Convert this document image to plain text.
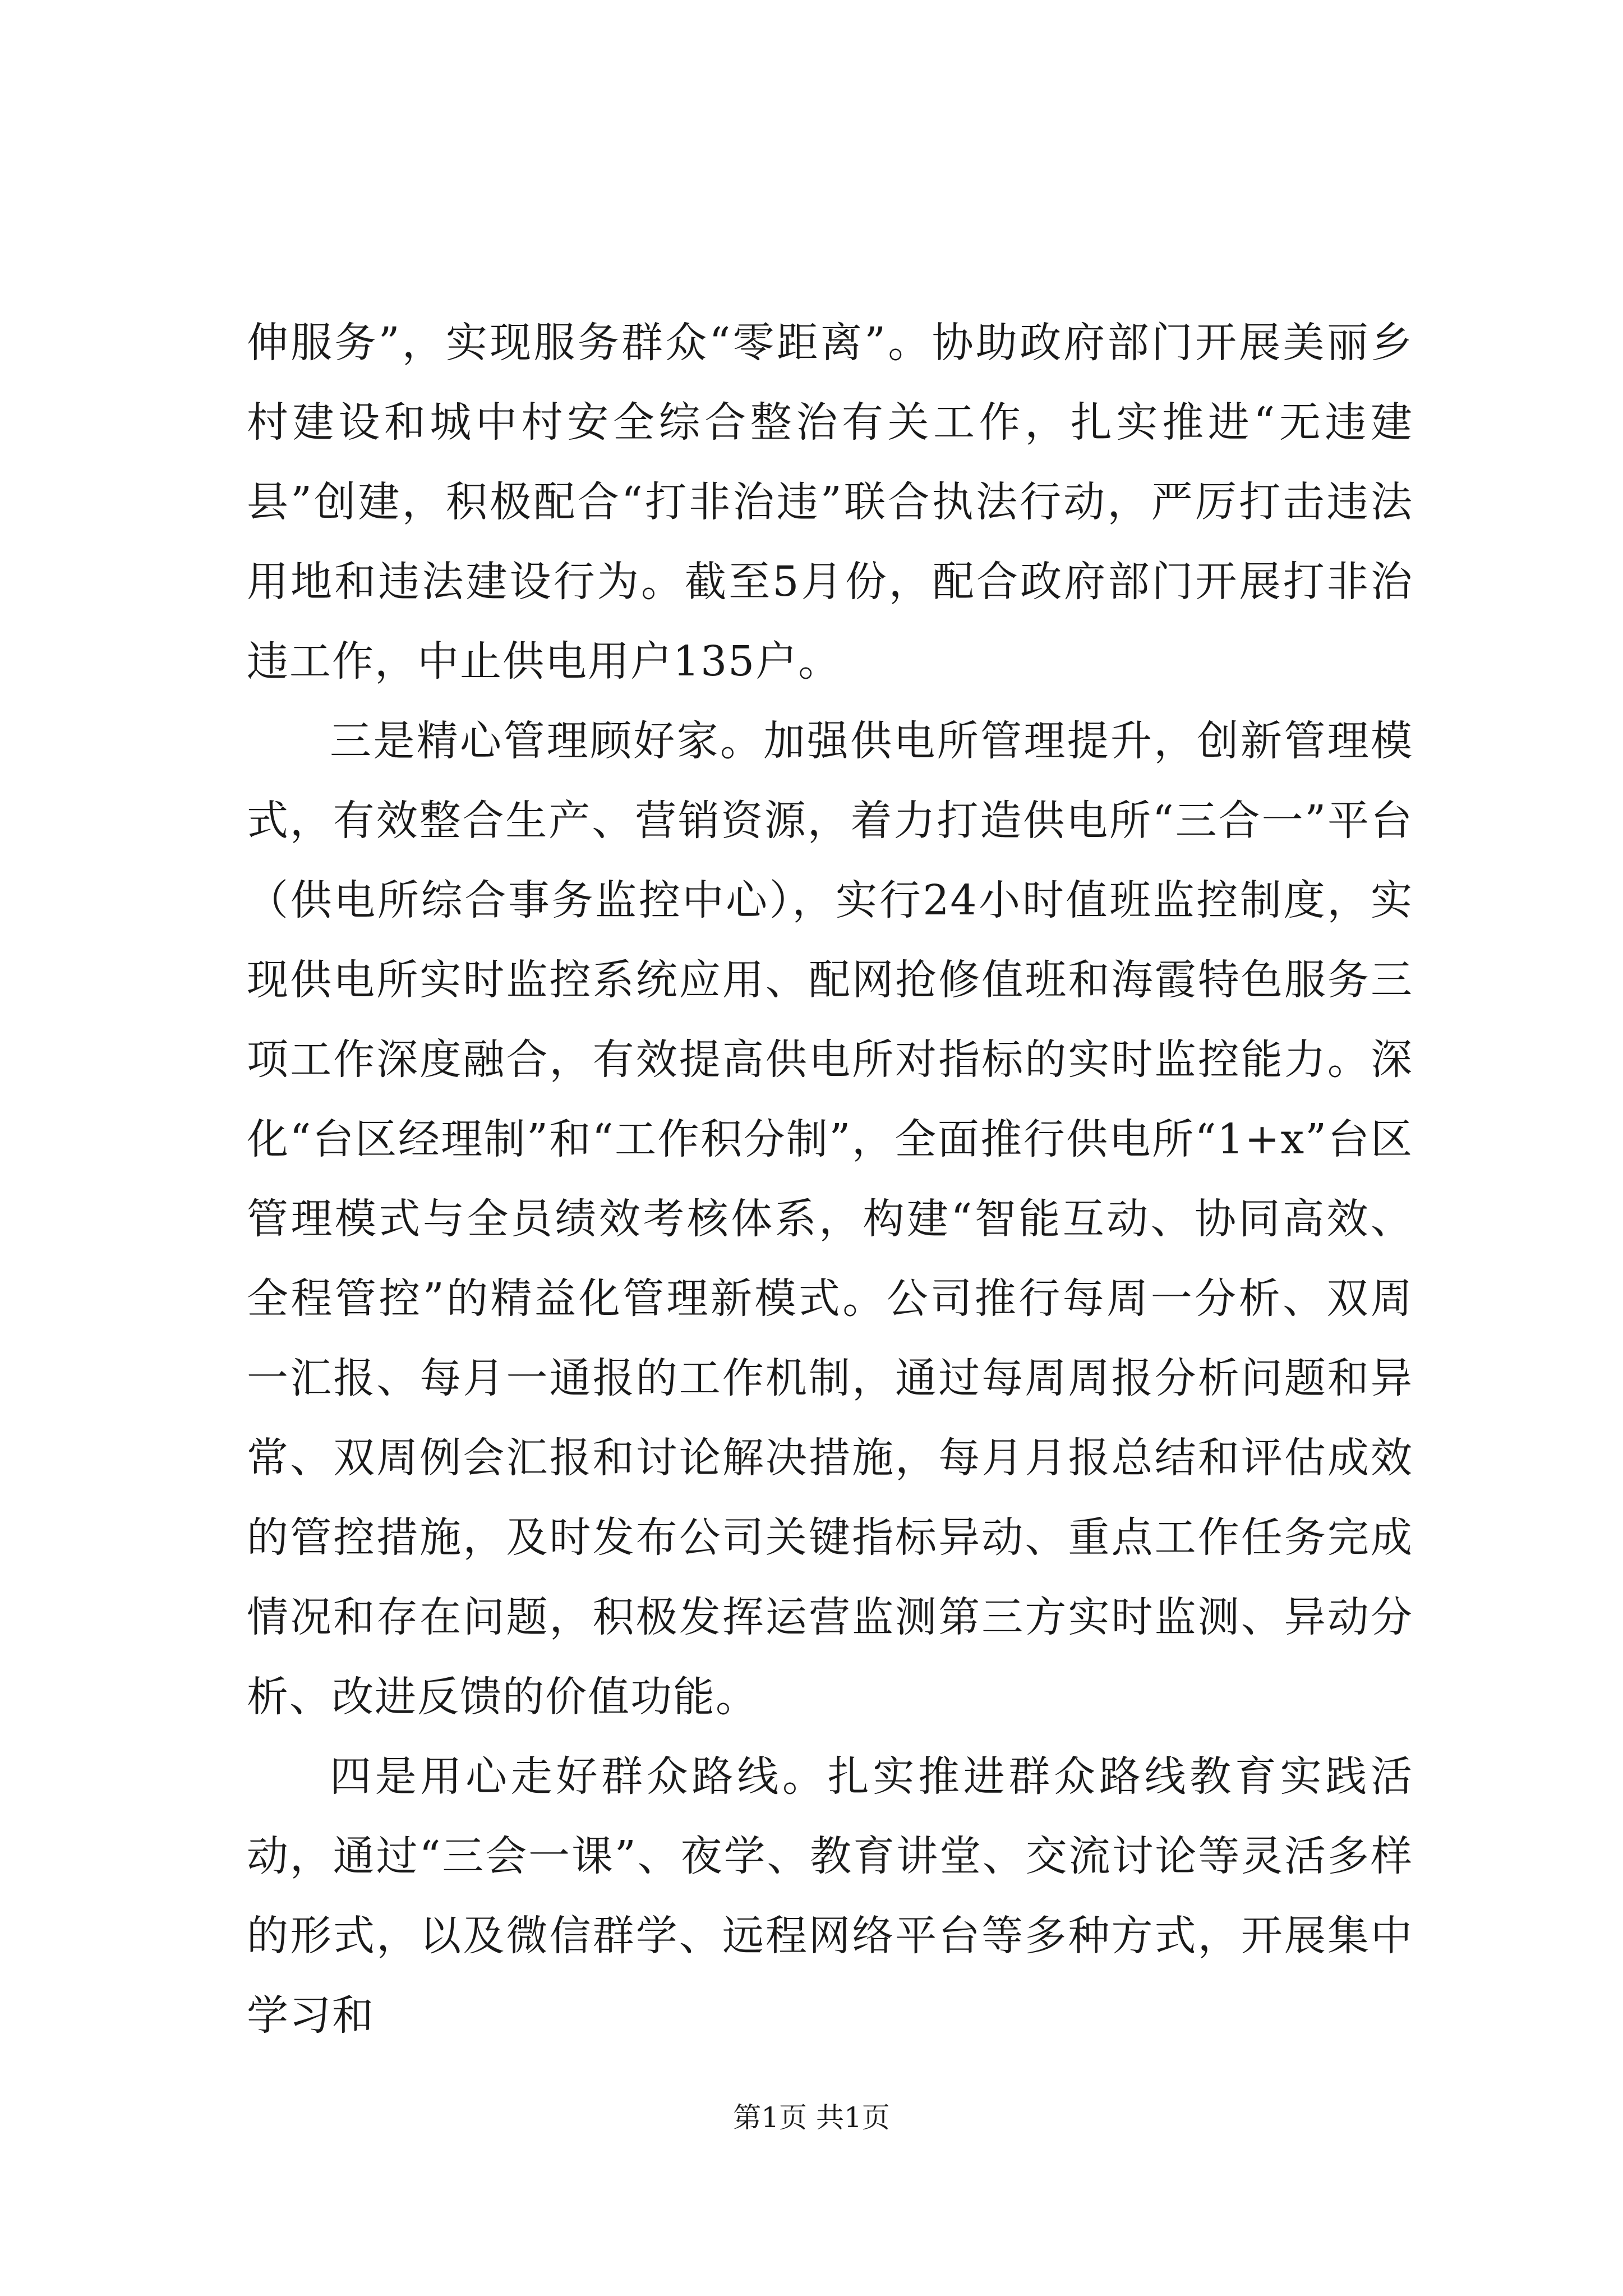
伸服务”，实现服务群众“零距离”。协助政府部门开展美丽乡村建设和城中村安全综合整治有关工作，扎实推进“无违建县”创建，积极配合“打非治违”联合执法行动，严厉打击违法用地和违法建设行为。截至5月份，配合政府部门开展打非治违工作，中止供电用户135户。

三是精心管理顾好家。加强供电所管理提升，创新管理模式，有效整合生产、营销资源，着力打造供电所“三合一”平台（供电所综合事务监控中心），实行24小时值班监控制度，实现供电所实时监控系统应用、配网抢修值班和海霞特色服务三项工作深度融合，有效提高供电所对指标的实时监控能力。深化“台区经理制”和“工作积分制”，全面推行供电所“1+x”台区管理模式与全员绩效考核体系，构建“智能互动、协同高效、全程管控”的精益化管理新模式。公司推行每周一分析、双周一汇报、每月一通报的工作机制，通过每周周报分析问题和异常、双周例会汇报和讨论解决措施，每月月报总结和评估成效的管控措施，及时发布公司关键指标异动、重点工作任务完成情况和存在问题，积极发挥运营监测第三方实时监测、异动分析、改进反馈的价值功能。

四是用心走好群众路线。扎实推进群众路线教育实践活动，通过“三会一课”、夜学、教育讲堂、交流讨论等灵活多样的形式，以及微信群学、远程网络平台等多种方式，开展集中学习和

第1页 共1页
